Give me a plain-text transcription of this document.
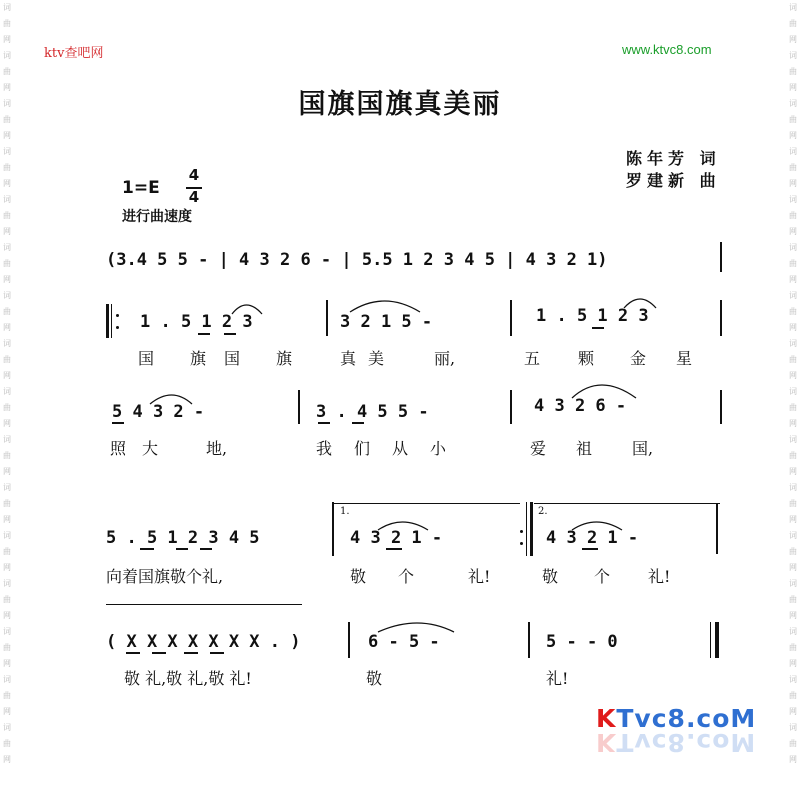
词
曲
网
词
曲
网
词
曲
网
词
曲
网
词
曲
网
词
曲
网
词
曲
网
词
曲
网
词
曲
网
词
曲
网
词
曲
网
词
曲
网
词
曲
网
词
曲
网
词
曲
网
词
曲
网
词
曲
网
词
曲
网
词
曲
网
词
曲
网
词
曲
网
词
曲
网
词
曲
网
词
曲
网
词
曲
网
词
曲
网
词
曲
网
词
曲
网
词
曲
网
词
曲
网
词
曲
网
词
曲
网
ktv查吧网	www.ktvc8.com
国旗国旗真美丽
陈年芳 词
罗建新 曲
1=E
4
4
进行曲速度
(3.4 5 5 - | 4 3 2 6 - | 5.5 1 2 3 4 5 | 4 3 2 1)
1 . 5 1 2 3	3 2 1 5 -	1 . 5 1 2 3
国 旗 国 旗	真 美	丽,	五 颗 金 星
5 4 3 2 -	3 . 4 5 5 -	4 3 2 6 -
照 大	地,	我 们 从 小	爱 祖 国,
5 . 5 1 2 3 4 5
1.
4 3 2 1 -
2.
4 3 2 1 -
向着国旗敬个礼,	敬 个	礼!	敬 个 礼!
( X X X X X X X . )	6 - 5 -	5 - - 0
敬 礼,敬 礼,敬 礼!	敬	礼!
KTvc8.coM
KTvc8.coM
